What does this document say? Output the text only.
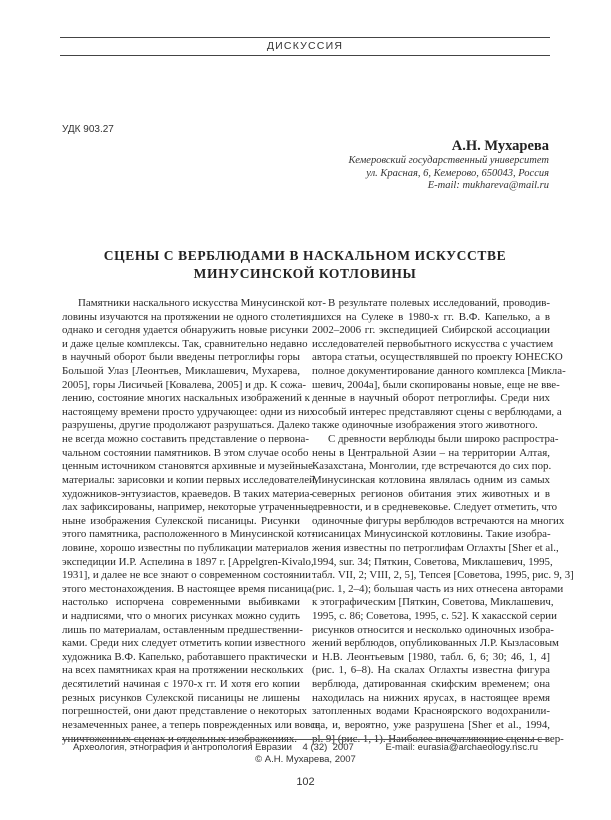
ДИСКУССИЯ
УДК 903.27
А.Н. Мухарева
Кемеровский государственный университет
ул. Красная, 6, Кемерово, 650043, Россия
E-mail: mukhareva@mail.ru
СЦЕНЫ С ВЕРБЛЮДАМИ В НАСКАЛЬНОМ ИСКУССТВЕ
МИНУСИНСКОЙ КОТЛОВИНЫ
Памятники наскального искусства Минусинской кот-
ловины изучаются на протяжении не одного столетия,
однако и сегодня удается обнаружить новые рисунки
и даже целые комплексы. Так, сравнительно недавно
в научный оборот были введены петроглифы горы
Большой Улаз [Леонтьев, Миклашевич, Мухарева,
2005], горы Лисичьей [Ковалева, 2005] и др. К сожа-
лению, состояние многих наскальных изображений к
настоящему времени просто удручающее: одни из них
разрушены, другие продолжают разрушаться. Далеко
не всегда можно составить представление о первона-
чальном состоянии памятников. В этом случае особо
ценным источником становятся архивные и музейные
материалы: зарисовки и копии первых исследователей,
художников-энтузиастов, краеведов. В таких материа-
лах зафиксированы, например, некоторые утраченные
ныне изображения Сулекской писаницы. Рисунки
этого памятника, расположенного в Минусинской кот-
ловине, хорошо известны по публикации материалов
экспедиции И.Р. Аспелина в 1897 г. [Appelgren-Kivalo,
1931], и далее не все знают о современном состоянии
этого местонахождения. В настоящее время писаница
настолько испорчена современными выбивками
и надписями, что о многих рисунках можно судить
лишь по материалам, оставленным предшественни-
ками. Среди них следует отметить копии известного
художника В.Ф. Капелько, работавшего практически
на всех памятниках края на протяжении нескольких
десятилетий начиная с 1970-х гг. И хотя его копии
резных рисунков Сулекской писаницы не лишены
погрешностей, они дают представление о некоторых
незамеченных ранее, а теперь поврежденных или вовсе
уничтоженных сценах и отдельных изображениях.
В результате полевых исследований, проводив-
шихся на Сулеке в 1980-х гг. В.Ф. Капелько, а в
2002–2006 гг. экспедицией Сибирской ассоциации
исследователей первобытного искусства с участием
автора статьи, осуществлявшей по проекту ЮНЕСКО
полное документирование данного комплекса [Микла-
шевич, 2004а], были скопированы новые, еще не вве-
денные в научный оборот петроглифы. Среди них
особый интерес представляют сцены с верблюдами, а
также одиночные изображения этого животного.
С древности верблюды были широко распростра-
нены в Центральной Азии – на территории Алтая,
Казахстана, Монголии, где встречаются до сих пор.
Минусинская котловина являлась одним из самых
северных регионов обитания этих животных и в
древности, и в средневековье. Следует отметить, что
одиночные фигуры верблюдов встречаются на многих
писаницах Минусинской котловины. Такие изобра-
жения известны по петроглифам Оглахты [Sher et al.,
1994, sur. 34; Пяткин, Советова, Миклашевич, 1995,
табл. VII, 2; VIII, 2, 5], Тепсея [Советова, 1995, рис. 9, 3]
(рис. 1, 2–4); большая часть из них отнесена авторами
к этографическим [Пяткин, Советова, Миклашевич,
1995, с. 86; Советова, 1995, с. 52]. К хакасской серии
рисунков относится и несколько одиночных изобра-
жений верблюдов, опубликованных Л.Р. Кызласовым
и Н.В. Леонтьевым [1980, табл. 6, 6; 30; 46, 1, 4]
(рис. 1, 6–8). На скалах Оглахты известна фигура
верблюда, датированная скифским временем; она
находилась на нижних ярусах, в настоящее время
затопленных водами Красноярского водохранили-
ща, и, вероятно, уже разрушена [Sher et al., 1994,
pl. 9] (рис. 1, 1). Наиболее впечатляющие сцены с вер-
Археология, этнография и антропология Евразии 4 (32) 2007	E-mail: eurasia@archaeology.nsc.ru
© А.Н. Мухарева, 2007
102
